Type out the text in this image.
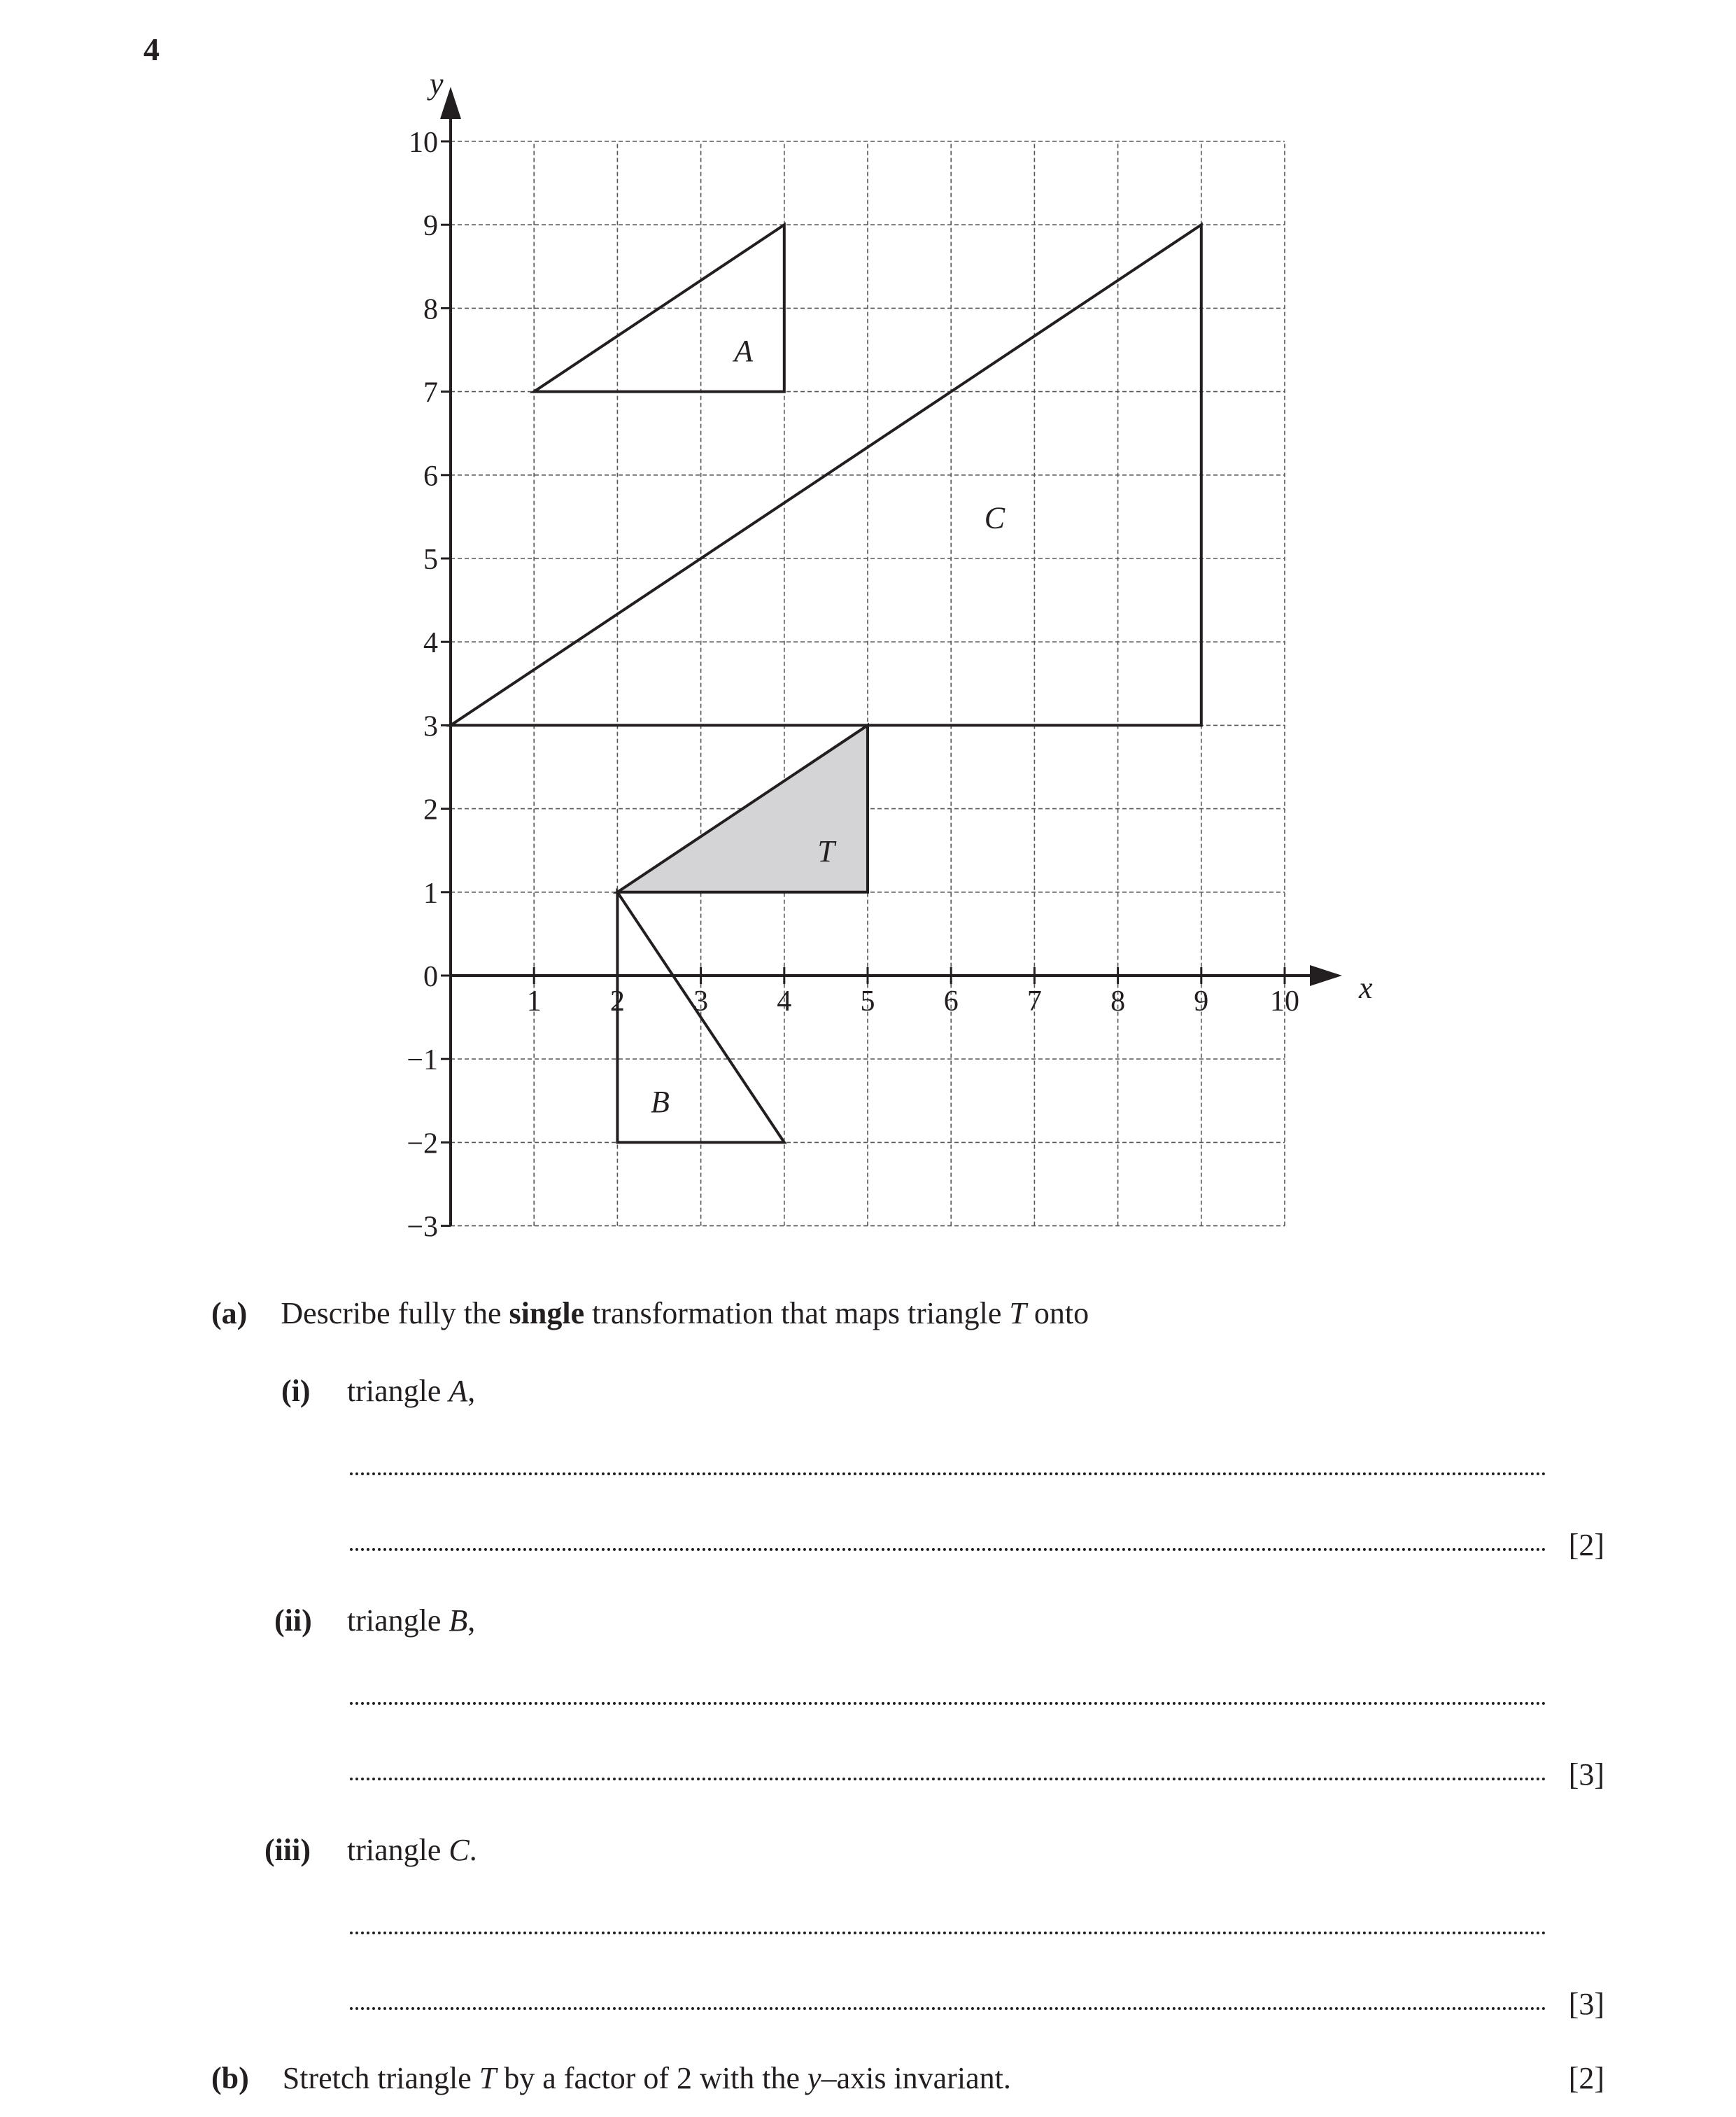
4
10
9
8
7
6
5
4
3
2
1
0
−1
−2
−3
1 2 3 4 5 6 7 8 9 10 x
y
A
C
T
B
(a) Describe fully the single transformation that maps triangle T onto
(i) triangle A,
[2]
(ii) triangle B,
[3]
(iii) triangle C.
[3]
(b) Stretch triangle T by a factor of 2 with the y–axis invariant.	[2]
